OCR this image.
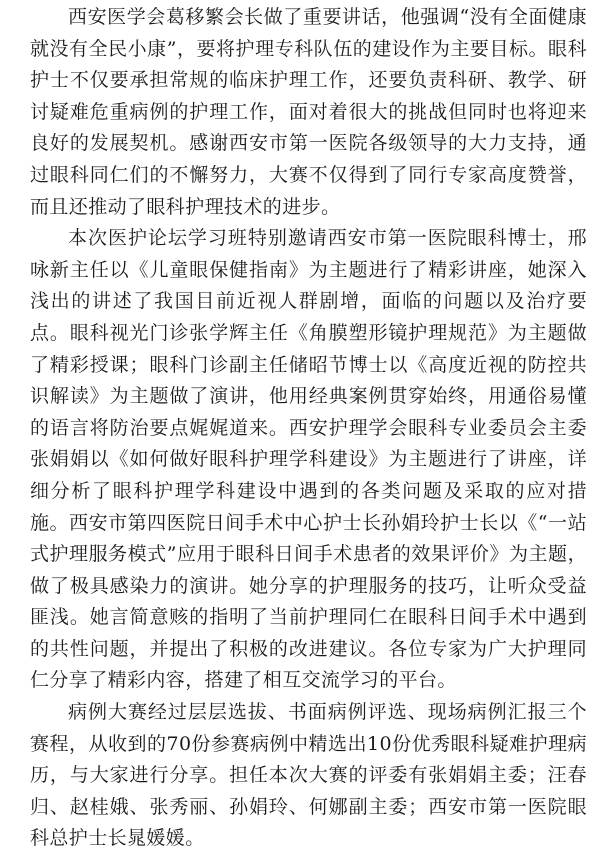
西安医学会葛移繁会长做了重要讲话，他强调“没有全面健康就没有全民小康”，要将护理专科队伍的建设作为主要目标。眼科护士不仅要承担常规的临床护理工作，还要负责科研、教学、研讨疑难危重病例的护理工作，面对着很大的挑战但同时也将迎来良好的发展契机。感谢西安市第一医院各级领导的大力支持，通过眼科同仁们的不懈努力，大赛不仅得到了同行专家高度赞誉，而且还推动了眼科护理技术的进步。

本次医护论坛学习班特别邀请西安市第一医院眼科博士，邢咏新主任以《儿童眼保健指南》为主题进行了精彩讲座，她深入浅出的讲述了我国目前近视人群剧增，面临的问题以及治疗要点。眼科视光门诊张学辉主任《角膜塑形镜护理规范》为主题做了精彩授课；眼科门诊副主任储昭节博士以《高度近视的防控共识解读》为主题做了演讲，他用经典案例贯穿始终，用通俗易懂的语言将防治要点娓娓道来。西安护理学会眼科专业委员会主委张娟娟以《如何做好眼科护理学科建设》为主题进行了讲座，详细分析了眼科护理学科建设中遇到的各类问题及采取的应对措施。西安市第四医院日间手术中心护士长孙娟玲护士长以《“一站式护理服务模式”应用于眼科日间手术患者的效果评价》为主题，做了极具感染力的演讲。她分享的护理服务的技巧，让听众受益匪浅。她言简意赅的指明了当前护理同仁在眼科日间手术中遇到的共性问题，并提出了积极的改进建议。各位专家为广大护理同仁分享了精彩内容，搭建了相互交流学习的平台。

病例大赛经过层层选拔、书面病例评选、现场病例汇报三个赛程，从收到的70份参赛病例中精选出10份优秀眼科疑难护理病历，与大家进行分享。担任本次大赛的评委有张娟娟主委；汪春归、赵桂娥、张秀丽、孙娟玲、何娜副主委；西安市第一医院眼科总护士长晁媛媛。
